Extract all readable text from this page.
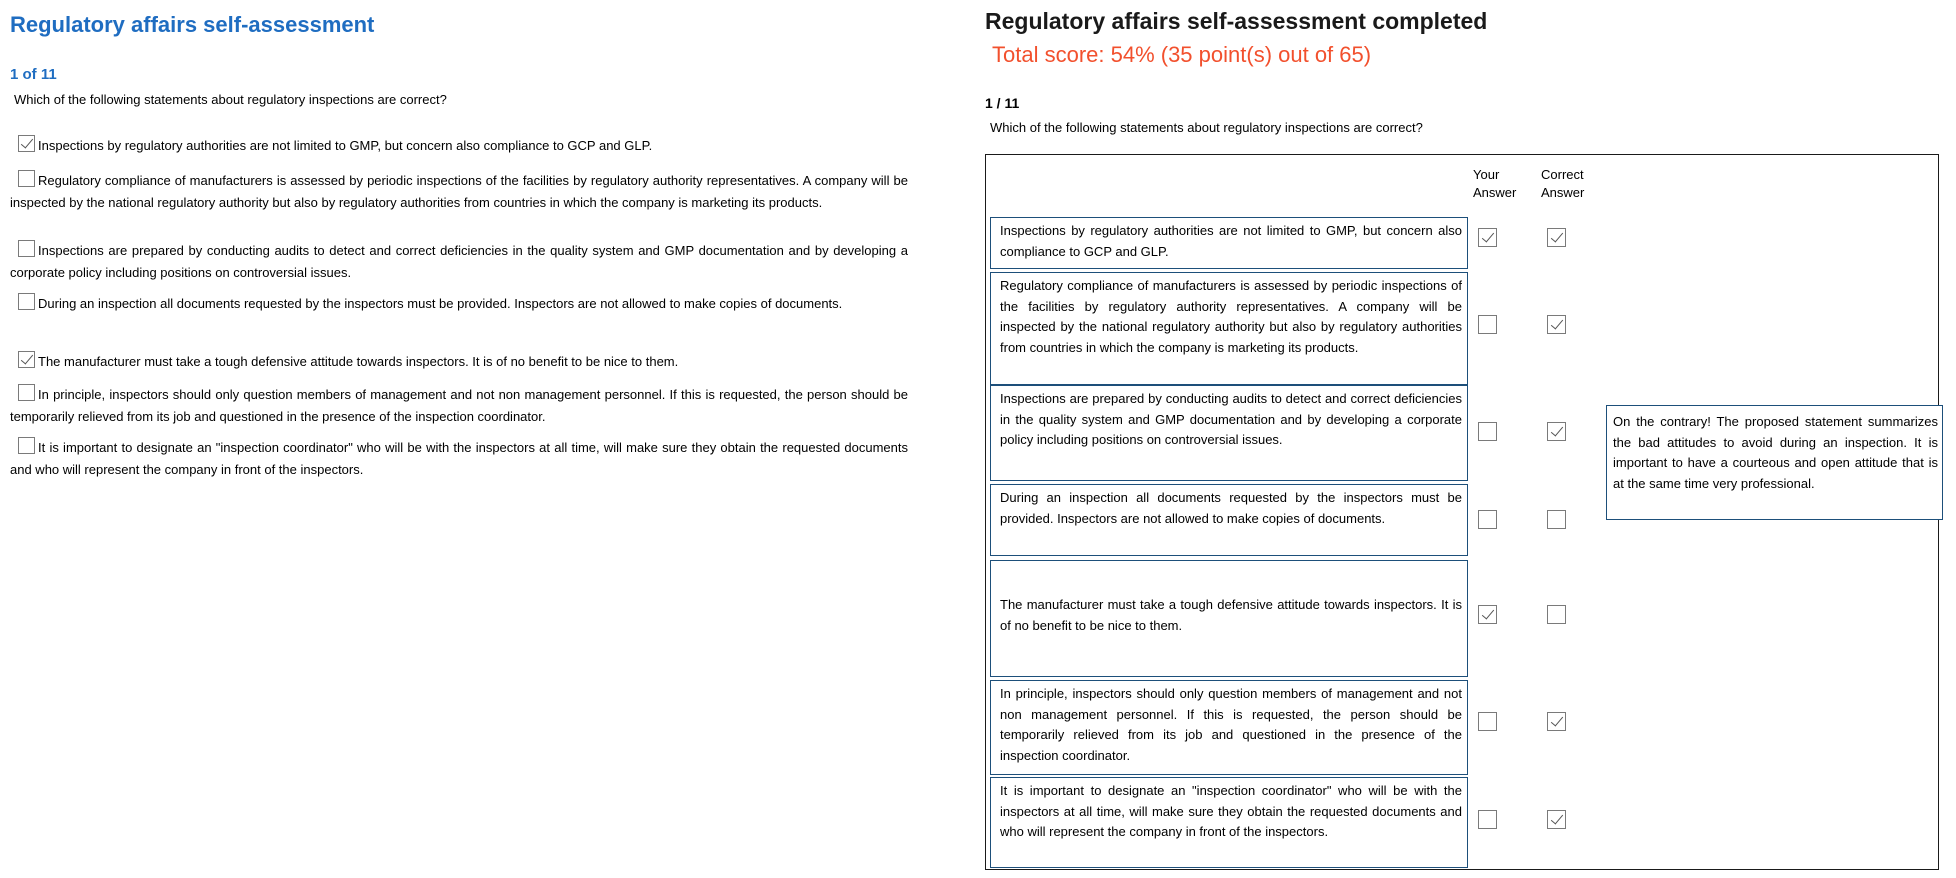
Regulatory affairs self-assessment
1 of 11
Which of the following statements about regulatory inspections are correct?
Inspections by regulatory authorities are not limited to GMP, but concern also compliance to GCP and GLP.
Regulatory compliance of manufacturers is assessed by periodic inspections of the facilities by regulatory authority representatives. A company will be inspected by the national regulatory authority but also by regulatory authorities from countries in which the company is marketing its products.
Inspections are prepared by conducting audits to detect and correct deficiencies in the quality system and GMP documentation and by developing a corporate policy including positions on controversial issues.
During an inspection all documents requested by the inspectors must be provided. Inspectors are not allowed to make copies of documents.
The manufacturer must take a tough defensive attitude towards inspectors. It is of no benefit to be nice to them.
In principle, inspectors should only question members of management and not non management personnel. If this is requested, the person should be temporarily relieved from its job and questioned in the presence of the inspection coordinator.
It is important to designate an "inspection coordinator" who will be with the inspectors at all time, will make sure they obtain the requested documents and who will represent the company in front of the inspectors.
Regulatory affairs self-assessment completed
Total score: 54% (35 point(s) out of 65)
1 / 11
Which of the following statements about regulatory inspections are correct?
Your
Answer
Correct
Answer
Inspections by regulatory authorities are not limited to GMP, but concern also compliance to GCP and GLP.
Regulatory compliance of manufacturers is assessed by periodic inspections of the facilities by regulatory authority representatives. A company will be inspected by the national regulatory authority but also by regulatory authorities from countries in which the company is marketing its products.
Inspections are prepared by conducting audits to detect and correct deficiencies in the quality system and GMP documentation and by developing a corporate policy including positions on controversial issues.
During an inspection all documents requested by the inspectors must be provided. Inspectors are not allowed to make copies of documents.
The manufacturer must take a tough defensive attitude towards inspectors. It is of no benefit to be nice to them.
In principle, inspectors should only question members of management and not non management personnel. If this is requested, the person should be temporarily relieved from its job and questioned in the presence of the inspection coordinator.
It is important to designate an "inspection coordinator" who will be with the inspectors at all time, will make sure they obtain the requested documents and who will represent the company in front of the inspectors.
On the contrary! The proposed statement summarizes the bad attitudes to avoid during an inspection. It is important to have a courteous and open attitude that is at the same time very professional.
